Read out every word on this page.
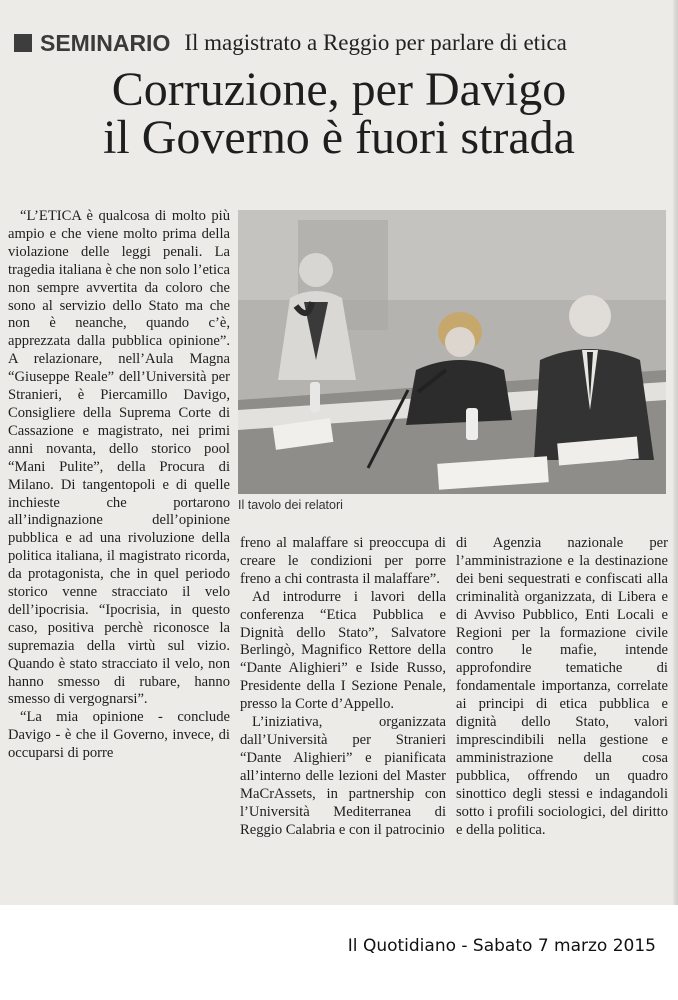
SEMINARIO Il magistrato a Reggio per parlare di etica
Corruzione, per Davigo
il Governo è fuori strada

“L’ETICA è qualcosa di molto più ampio e che viene molto prima della violazione delle leggi penali. La tragedia italiana è che non solo l’etica non sempre avvertita da coloro che sono al servizio dello Stato ma che non è neanche, quando c’è, apprezzata dalla pubblica opinione”. A relazionare, nell’Aula Magna “Giuseppe Reale” dell’Università per Stranieri, è Piercamillo Davigo, Consigliere della Suprema Corte di Cassazione e magistrato, nei primi anni novanta, dello storico pool “Mani Pulite”, della Procura di Milano. Di tangentopoli e di quelle inchieste che portarono all’indignazione dell’opinione pubblica e ad una rivoluzione della politica italiana, il magistrato ricorda, da protagonista, che in quel periodo storico venne stracciato il velo dell’ipocrisia. “Ipocrisia, in questo caso, positiva perchè riconosce la supremazia della virtù sul vizio. Quando è stato stracciato il velo, non hanno smesso di rubare, hanno smesso di vergognarsi”.

“La mia opinione - conclude Davigo - è che il Governo, invece, di occuparsi di porre

Il tavolo dei relatori

freno al malaffare si preoccupa di creare le condizioni per porre freno a chi contrasta il malaffare”.

Ad introdurre i lavori della conferenza “Etica Pubblica e Dignità dello Stato”, Salvatore Berlingò, Magnifico Rettore della “Dante Alighieri” e Iside Russo, Presidente della I Sezione Penale, presso la Corte d’Appello.

L’iniziativa, organizzata dall’Università per Stranieri “Dante Alighieri” e pianificata all’interno delle lezioni del Master MaCrAssets, in partnership con l’Università Mediterranea di Reggio Calabria e con il patrocinio

di Agenzia nazionale per l’amministrazione e la destinazione dei beni sequestrati e confiscati alla criminalità organizzata, di Libera e di Avviso Pubblico, Enti Locali e Regioni per la formazione civile contro le mafie, intende approfondire tematiche di fondamentale importanza, correlate ai principi di etica pubblica e dignità dello Stato, valori imprescindibili nella gestione e amministrazione della cosa pubblica, offrendo un quadro sinottico degli stessi e indagandoli sotto i profili sociologici, del diritto e della politica.

Il Quotidiano - Sabato 7 marzo 2015
